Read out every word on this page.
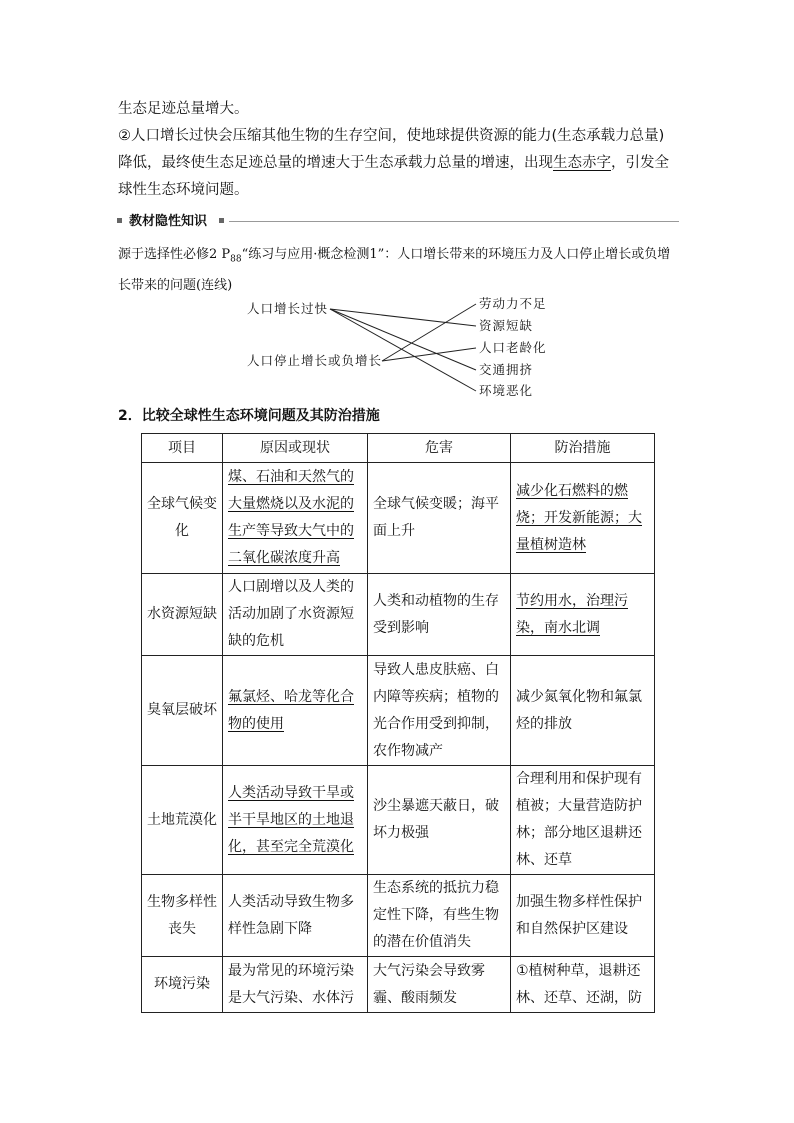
生态足迹总量增大。

②人口增长过快会压缩其他生物的生存空间，使地球提供资源的能力(生态承载力总量)降低，最终使生态足迹总量的增速大于生态承载力总量的增速，出现生态赤字，引发全球性生态环境问题。

教材隐性知识

源于选择性必修2 $P_{88}“$练习与应用·概念检测1”：人口增长带来的环境压力及人口停止增长或负增长带来的问题(连线)

人口增长过快
人口停止增长或负增长
劳动力不足
资源短缺
人口老龄化
交通拥挤
环境恶化

2．比较全球性生态环境问题及其防治措施

项目	原因或现状	危害	防治措施
全球气候变化	煤、石油和天然气的大量燃烧以及水泥的生产等导致大气中的二氧化碳浓度升高	全球气候变暖；海平面上升	减少化石燃料的燃烧；开发新能源；大量植树造林
水资源短缺	人口剧增以及人类的活动加剧了水资源短缺的危机	人类和动植物的生存受到影响	节约用水，治理污染，南水北调
臭氧层破坏	氟氯烃、哈龙等化合物的使用	导致人患皮肤癌、白内障等疾病；植物的光合作用受到抑制，农作物减产	减少氮氧化物和氟氯烃的排放
土地荒漠化	人类活动导致干旱或半干旱地区的土地退化，甚至完全荒漠化	沙尘暴遮天蔽日，破坏力极强	合理利用和保护现有植被；大量营造防护林；部分地区退耕还林、还草
生物多样性丧失	人类活动导致生物多样性急剧下降	生态系统的抵抗力稳定性下降，有些生物的潜在价值消失	加强生物多样性保护和自然保护区建设
环境污染	最为常见的环境污染是大气污染、水体污	大气污染会导致雾霾、酸雨频发	①植树种草，退耕还林、还草、还湖，防
